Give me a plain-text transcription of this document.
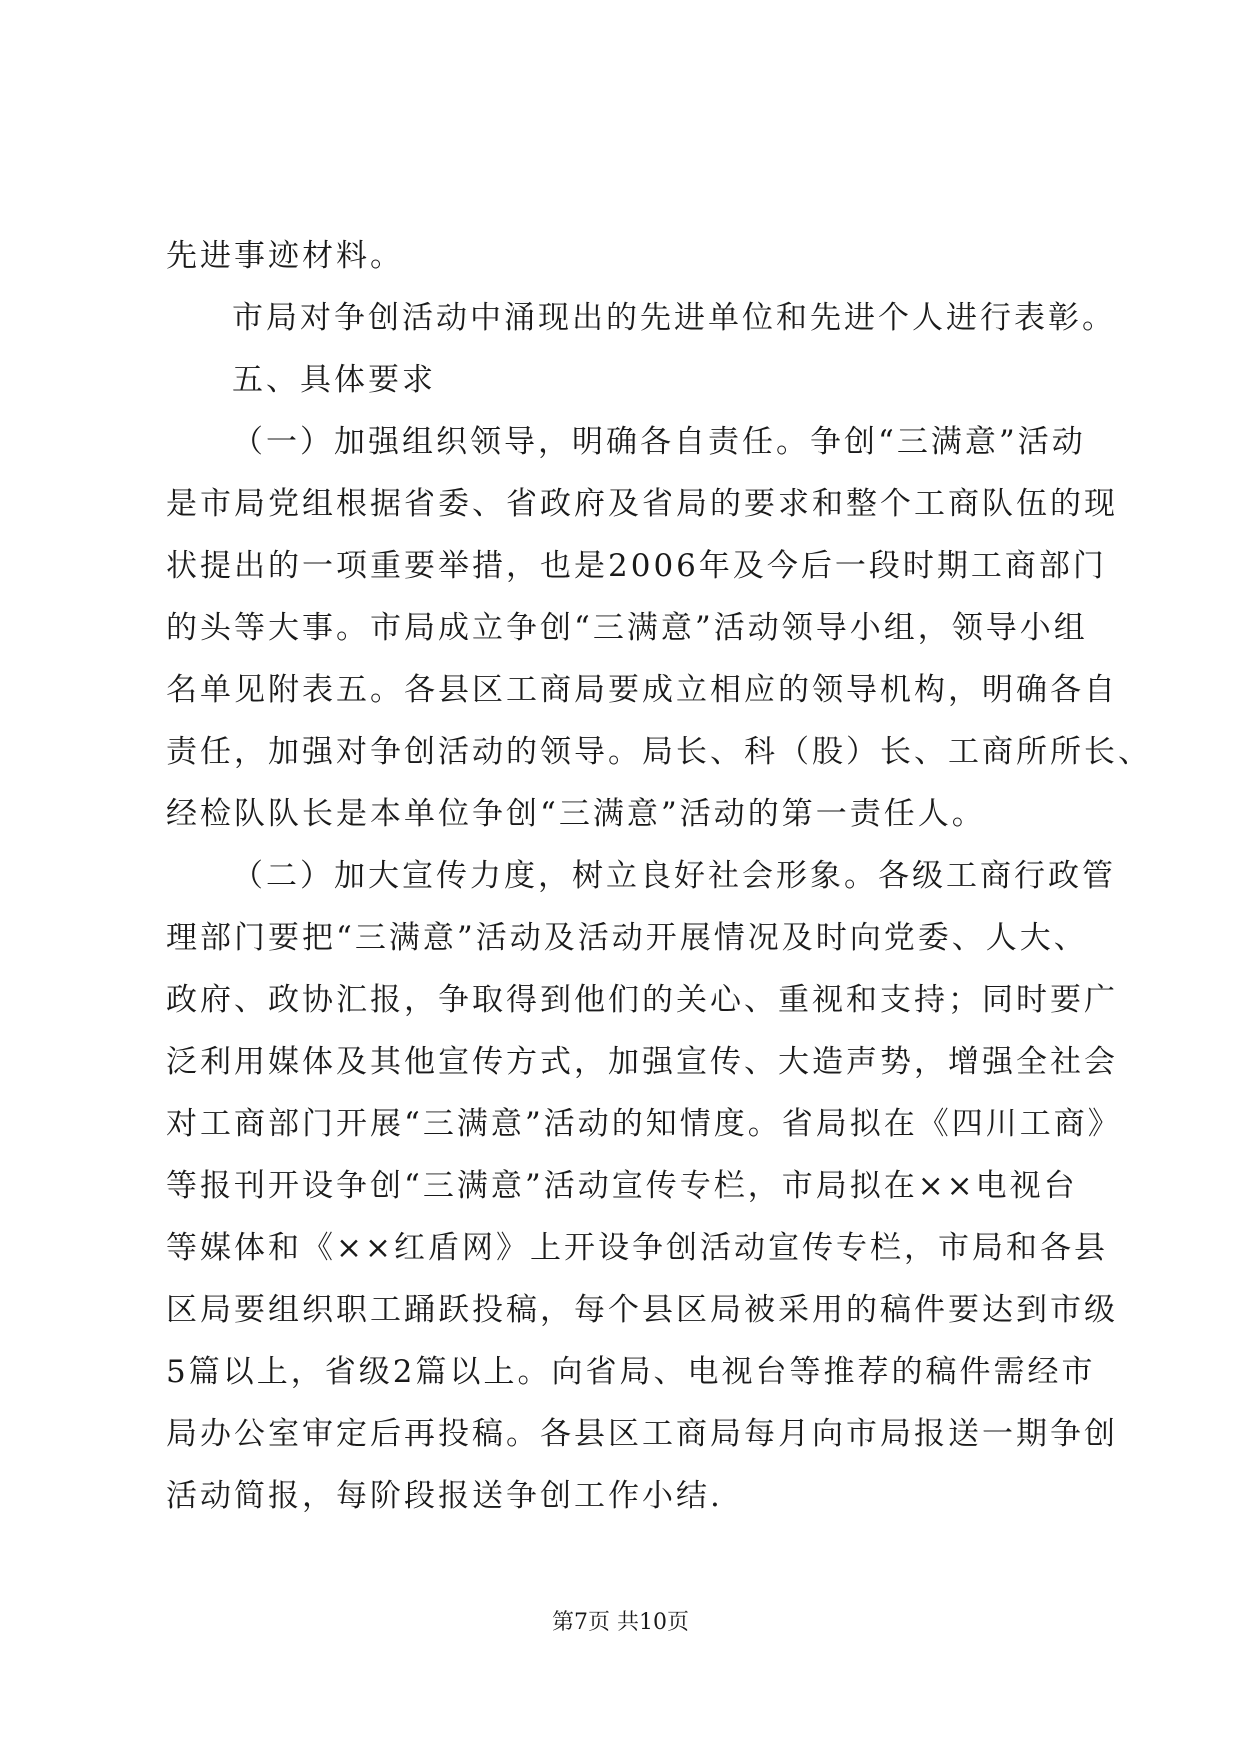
先进事迹材料。
市局对争创活动中涌现出的先进单位和先进个人进行表彰。
五、具体要求
（一）加强组织领导，明确各自责任。争创“三满意”活动
是市局党组根据省委、省政府及省局的要求和整个工商队伍的现
状提出的一项重要举措，也是2006年及今后一段时期工商部门
的头等大事。市局成立争创“三满意”活动领导小组，领导小组
名单见附表五。各县区工商局要成立相应的领导机构，明确各自
责任，加强对争创活动的领导。局长、科（股）长、工商所所长、
经检队队长是本单位争创“三满意”活动的第一责任人。
（二）加大宣传力度，树立良好社会形象。各级工商行政管
理部门要把“三满意”活动及活动开展情况及时向党委、人大、
政府、政协汇报，争取得到他们的关心、重视和支持；同时要广
泛利用媒体及其他宣传方式，加强宣传、大造声势，增强全社会
对工商部门开展“三满意”活动的知情度。省局拟在《四川工商》
等报刊开设争创“三满意”活动宣传专栏，市局拟在××电视台
等媒体和《××红盾网》上开设争创活动宣传专栏，市局和各县
区局要组织职工踊跃投稿，每个县区局被采用的稿件要达到市级
5篇以上，省级2篇以上。向省局、电视台等推荐的稿件需经市
局办公室审定后再投稿。各县区工商局每月向市局报送一期争创
活动简报，每阶段报送争创工作小结.
第7页 共10页
